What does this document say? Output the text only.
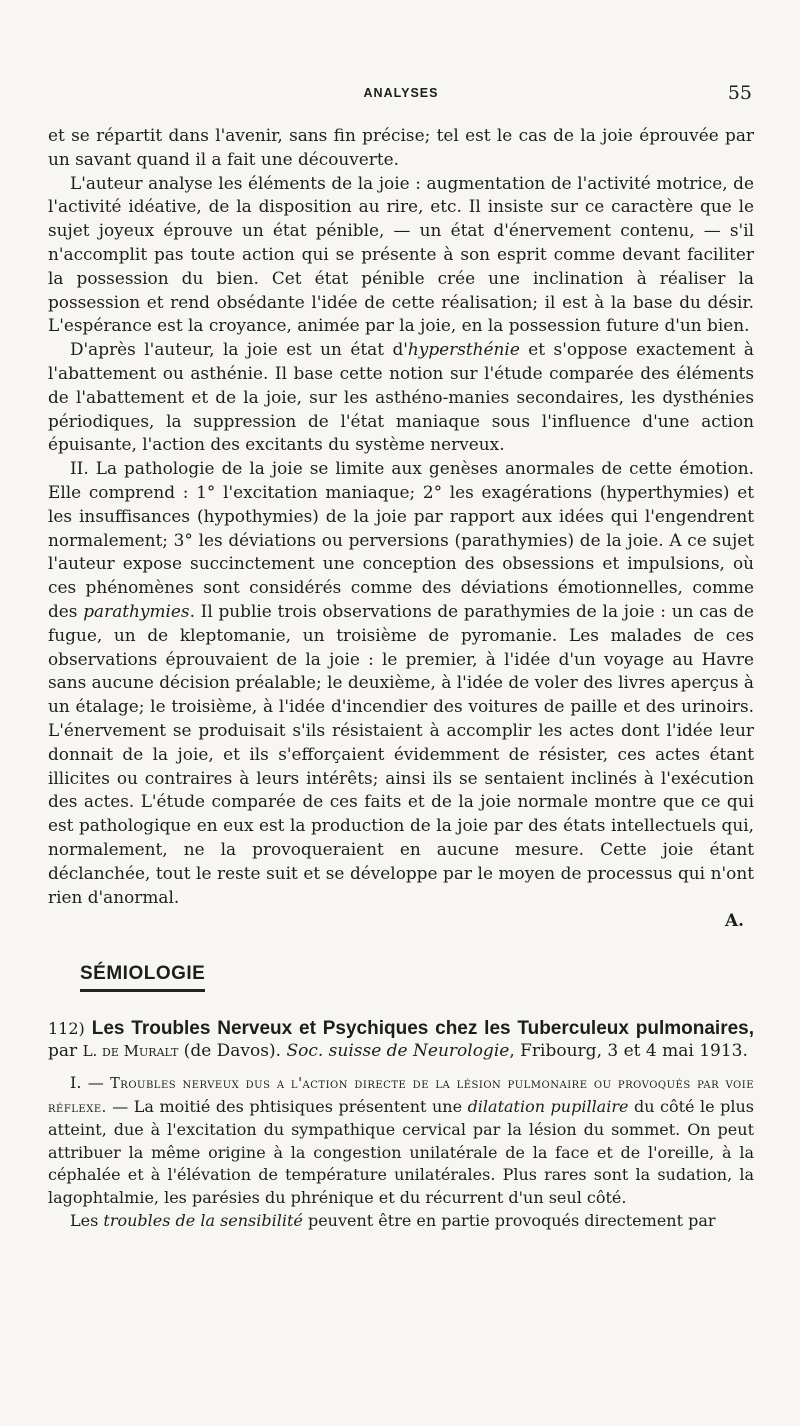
ANALYSES	55

et se répartit dans l'avenir, sans fin précise; tel est le cas de la joie éprouvée par un savant quand il a fait une découverte.

L'auteur analyse les éléments de la joie : augmentation de l'activité motrice, de l'activité idéative, de la disposition au rire, etc. Il insiste sur ce caractère que le sujet joyeux éprouve un état pénible, — un état d'énervement contenu, — s'il n'accomplit pas toute action qui se présente à son esprit comme devant faciliter la possession du bien. Cet état pénible crée une inclination à réaliser la possession et rend obsédante l'idée de cette réalisation; il est à la base du désir. L'espérance est la croyance, animée par la joie, en la possession future d'un bien.

D'après l'auteur, la joie est un état d'hypersthénie et s'oppose exactement à l'abattement ou asthénie. Il base cette notion sur l'étude comparée des éléments de l'abattement et de la joie, sur les asthéno-manies secondaires, les dysthénies périodiques, la suppression de l'état maniaque sous l'influence d'une action épuisante, l'action des excitants du système nerveux.

II. La pathologie de la joie se limite aux genèses anormales de cette émotion. Elle comprend : 1° l'excitation maniaque; 2° les exagérations (hyperthymies) et les insuffisances (hypothymies) de la joie par rapport aux idées qui l'engendrent normalement; 3° les déviations ou perversions (parathymies) de la joie. A ce sujet l'auteur expose succinctement une conception des obsessions et impulsions, où ces phénomènes sont considérés comme des déviations émotionnelles, comme des parathymies. Il publie trois observations de parathymies de la joie : un cas de fugue, un de kleptomanie, un troisième de pyromanie. Les malades de ces observations éprouvaient de la joie : le premier, à l'idée d'un voyage au Havre sans aucune décision préalable; le deuxième, à l'idée de voler des livres aperçus à un étalage; le troisième, à l'idée d'incendier des voitures de paille et des urinoirs. L'énervement se produisait s'ils résistaient à accomplir les actes dont l'idée leur donnait de la joie, et ils s'efforçaient évidemment de résister, ces actes étant illicites ou contraires à leurs intérêts; ainsi ils se sentaient inclinés à l'exécution des actes. L'étude comparée de ces faits et de la joie normale montre que ce qui est pathologique en eux est la production de la joie par des états intellectuels qui, normalement, ne la provoqueraient en aucune mesure. Cette joie étant déclanchée, tout le reste suit et se développe par le moyen de processus qui n'ont rien d'anormal.

A.

SÉMIOLOGIE

112) Les Troubles Nerveux et Psychiques chez les Tuberculeux pulmonaires, par L. de Muralt (de Davos). Soc. suisse de Neurologie, Fribourg, 3 et 4 mai 1913.

I. — Troubles nerveux dus a l'action directe de la lésion pulmonaire ou provoqués par voie réflexe. — La moitié des phtisiques présentent une dilatation pupillaire du côté le plus atteint, due à l'excitation du sympathique cervical par la lésion du sommet. On peut attribuer la même origine à la congestion unilatérale de la face et de l'oreille, à la céphalée et à l'élévation de température unilatérales. Plus rares sont la sudation, la lagophtalmie, les parésies du phrénique et du récurrent d'un seul côté.

Les troubles de la sensibilité peuvent être en partie provoqués directement par
